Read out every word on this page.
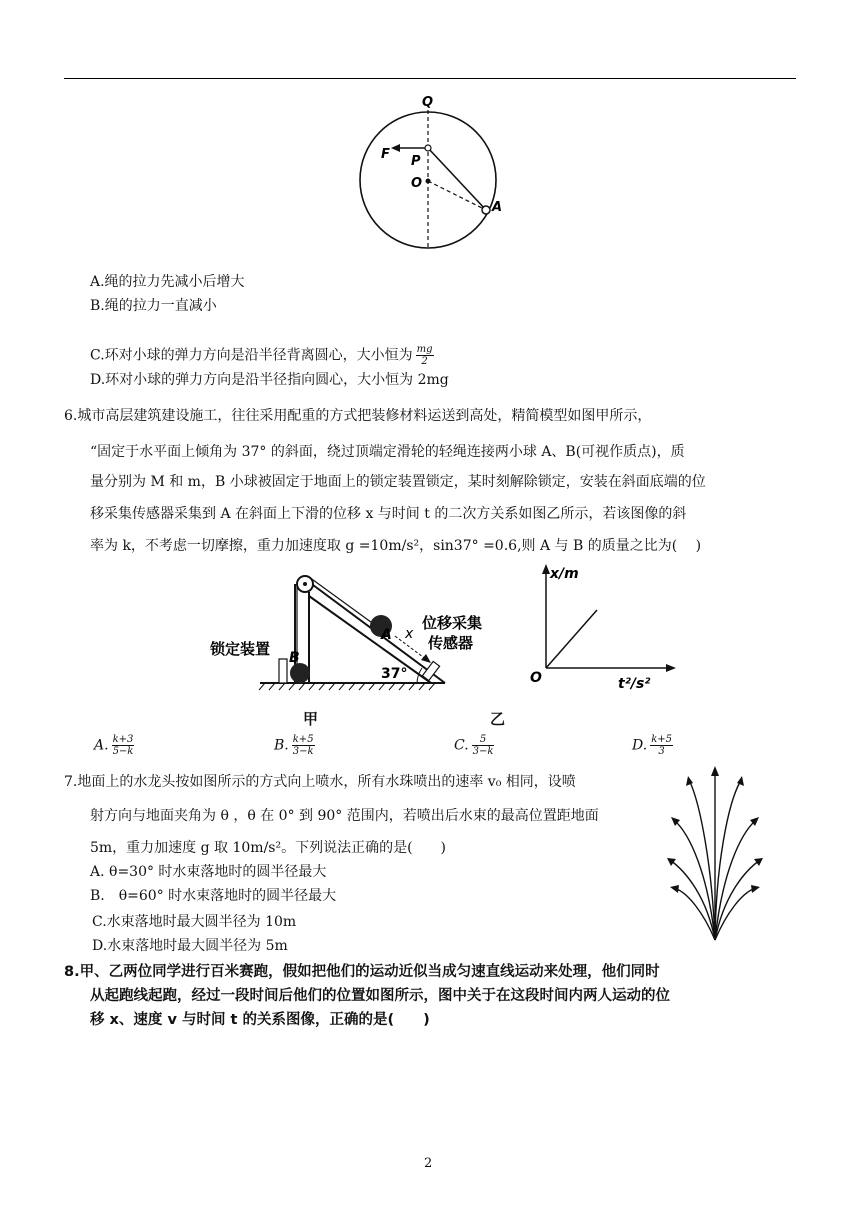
Q
F P
O
A
A.绳的拉力先减小后增大
B.绳的拉力一直减小
C.环对小球的弹力方向是沿半径背离圆心，大小恒为 $\frac{mg}{2}$
D.环对小球的弹力方向是沿半径指向圆心，大小恒为 2mg
6.城市高层建筑建设施工，往往采用配重的方式把装修材料运送到高处，精简模型如图甲所示，
“固定于水平面上倾角为 37° 的斜面，绕过顶端定滑轮的轻绳连接两小球 A、B(可视作质点)，质
量分别为 M 和 m，B 小球被固定于地面上的锁定装置锁定，某时刻解除锁定，安装在斜面底端的位
移采集传感器采集到 A 在斜面上下滑的位移 x 与时间 t 的二次方关系如图乙所示，若该图像的斜
率为 k，不考虑一切摩擦，重力加速度取 g =10m/s²，sin37° =0.6,则 A 与 B 的质量之比为(　 )
A
B
x
位移采集
传感器
37°
锁定装置
甲
x/m
t²/s²
O
乙
A. $\frac{k+3}{5-k}$	B. $\frac{k+5}{3-k}$	C. $\frac{5}{3-k}$	D. $\frac{k+5}{3}$
7.地面上的水龙头按如图所示的方式向上喷水，所有水珠喷出的速率 v₀ 相同，设喷
射方向与地面夹角为 θ ，θ 在 0° 到 90° 范围内，若喷出后水束的最高位置距地面
5m，重力加速度 g 取 10m/s²。下列说法正确的是(　　)
A. θ=30° 时水束落地时的圆半径最大
B.　θ=60° 时水束落地时的圆半径最大
C.水束落地时最大圆半径为 10m
D.水束落地时最大圆半径为 5m
8.甲、乙两位同学进行百米赛跑，假如把他们的运动近似当成匀速直线运动来处理，他们同时
从起跑线起跑，经过一段时间后他们的位置如图所示，图中关于在这段时间内两人运动的位
移 x、速度 v 与时间 t 的关系图像，正确的是(　　)
2
